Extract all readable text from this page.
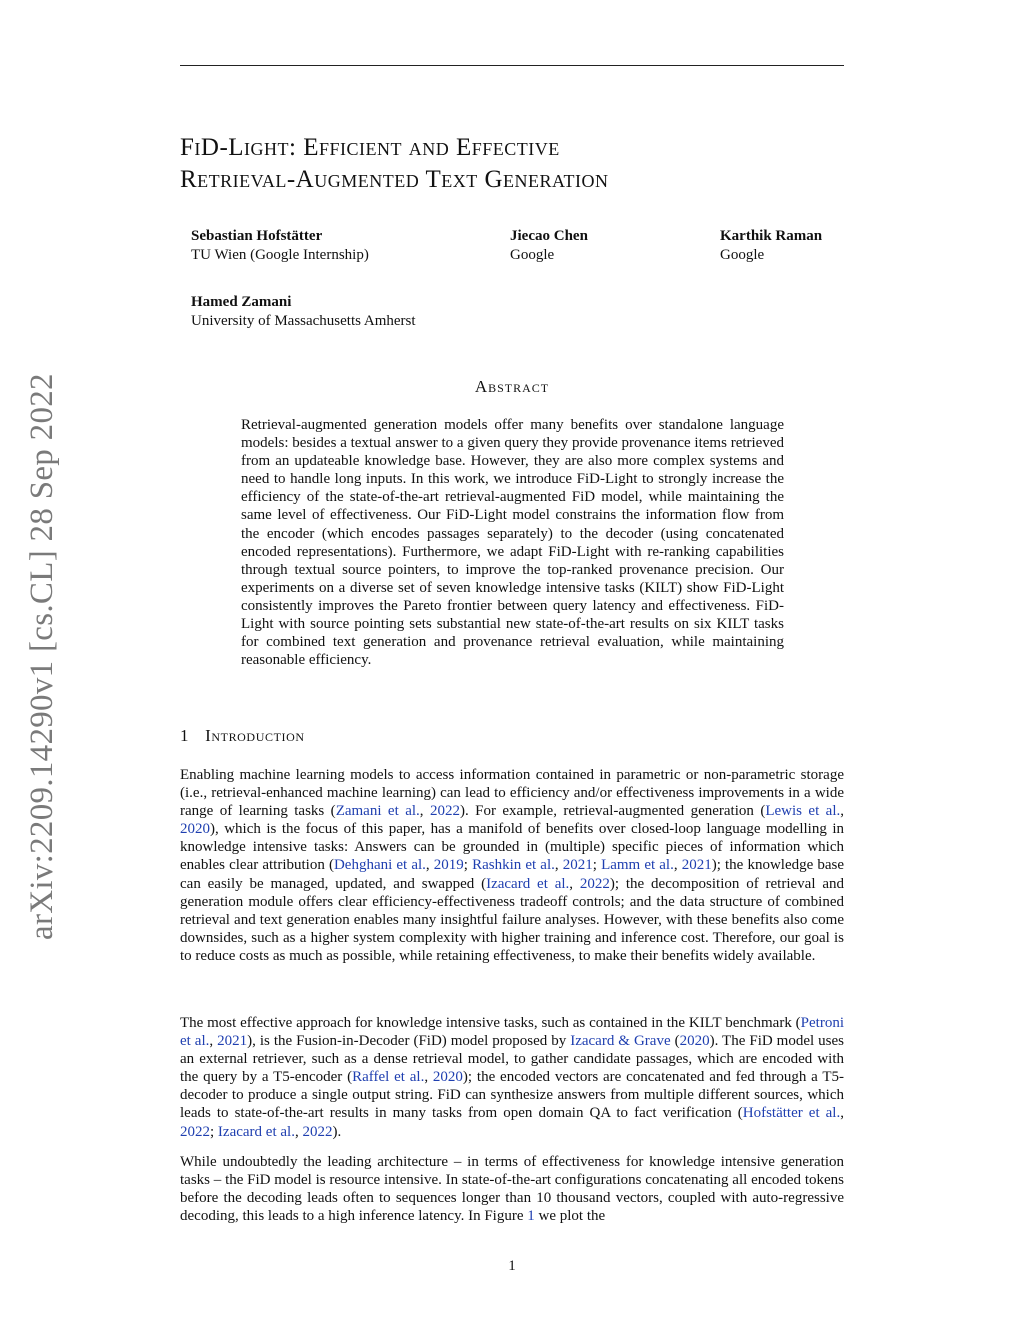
arXiv:2209.14290v1 [cs.CL] 28 Sep 2022
FiD-Light: Efficient and Effective
Retrieval-Augmented Text Generation
Sebastian Hofstätter
TU Wien (Google Internship)
Jiecao Chen
Google
Karthik Raman
Google
Hamed Zamani
University of Massachusetts Amherst
Abstract
Retrieval-augmented generation models offer many benefits over standalone language models: besides a textual answer to a given query they provide provenance items retrieved from an updateable knowledge base. However, they are also more complex systems and need to handle long inputs. In this work, we introduce FiD-Light to strongly increase the efficiency of the state-of-the-art retrieval-augmented FiD model, while maintaining the same level of effectiveness. Our FiD-Light model constrains the information flow from the encoder (which encodes passages separately) to the decoder (using concatenated encoded representations). Furthermore, we adapt FiD-Light with re-ranking capabilities through textual source pointers, to improve the top-ranked provenance precision. Our experiments on a diverse set of seven knowledge intensive tasks (KILT) show FiD-Light consistently improves the Pareto frontier between query latency and effectiveness. FiD-Light with source pointing sets substantial new state-of-the-art results on six KILT tasks for combined text generation and provenance retrieval evaluation, while maintaining reasonable efficiency.
1 Introduction

Enabling machine learning models to access information contained in parametric or non-parametric storage (i.e., retrieval-enhanced machine learning) can lead to efficiency and/or effectiveness improvements in a wide range of learning tasks (Zamani et al., 2022). For example, retrieval-augmented generation (Lewis et al., 2020), which is the focus of this paper, has a manifold of benefits over closed-loop language modelling in knowledge intensive tasks: Answers can be grounded in (multiple) specific pieces of information which enables clear attribution (Dehghani et al., 2019; Rashkin et al., 2021; Lamm et al., 2021); the knowledge base can easily be managed, updated, and swapped (Izacard et al., 2022); the decomposition of retrieval and generation module offers clear efficiency-effectiveness tradeoff controls; and the data structure of combined retrieval and text generation enables many insightful failure analyses. However, with these benefits also come downsides, such as a higher system complexity with higher training and inference cost. Therefore, our goal is to reduce costs as much as possible, while retaining effectiveness, to make their benefits widely available.

The most effective approach for knowledge intensive tasks, such as contained in the KILT benchmark (Petroni et al., 2021), is the Fusion-in-Decoder (FiD) model proposed by Izacard & Grave (2020). The FiD model uses an external retriever, such as a dense retrieval model, to gather candidate passages, which are encoded with the query by a T5-encoder (Raffel et al., 2020); the encoded vectors are concatenated and fed through a T5-decoder to produce a single output string. FiD can synthesize answers from multiple different sources, which leads to state-of-the-art results in many tasks from open domain QA to fact verification (Hofstätter et al., 2022; Izacard et al., 2022).

While undoubtedly the leading architecture – in terms of effectiveness for knowledge intensive generation tasks – the FiD model is resource intensive. In state-of-the-art configurations concatenating all encoded tokens before the decoding leads often to sequences longer than 10 thousand vectors, coupled with auto-regressive decoding, this leads to a high inference latency. In Figure 1 we plot the

1
